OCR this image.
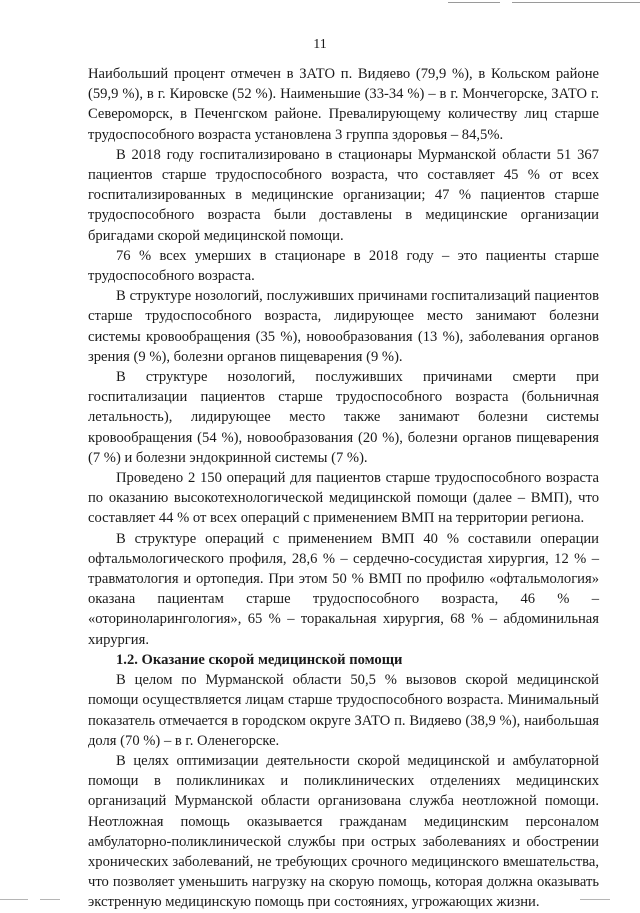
11

Наибольший процент отмечен в ЗАТО п. Видяево (79,9 %), в Кольском районе (59,9 %), в г. Кировске (52 %). Наименьшие (33-34 %) – в г. Мончегорске, ЗАТО г. Североморск, в Печенгском районе. Превалирующему количеству лиц старше трудоспособного возраста установлена 3 группа здоровья – 84,5%.

В 2018 году госпитализировано в стационары Мурманской области 51 367 пациентов старше трудоспособного возраста, что составляет 45 % от всех госпитализированных в медицинские организации; 47 % пациентов старше трудоспособного возраста были доставлены в медицинские организации бригадами скорой медицинской помощи.

76 % всех умерших в стационаре в 2018 году – это пациенты старше трудоспособного возраста.

В структуре нозологий, послуживших причинами госпитализаций пациентов старше трудоспособного возраста, лидирующее место занимают болезни системы кровообращения (35 %), новообразования (13 %), заболевания органов зрения (9 %), болезни органов пищеварения (9 %).

В структуре нозологий, послуживших причинами смерти при госпитализации пациентов старше трудоспособного возраста (больничная летальность), лидирующее место также занимают болезни системы кровообращения (54 %), новообразования (20 %), болезни органов пищеварения (7 %) и болезни эндокринной системы (7 %).

Проведено 2 150 операций для пациентов старше трудоспособного возраста по оказанию высокотехнологической медицинской помощи (далее – ВМП), что составляет 44 % от всех операций с применением ВМП на территории региона.

В структуре операций с применением ВМП 40 % составили операции офтальмологического профиля, 28,6 % – сердечно-сосудистая хирургия, 12 % – травматология и ортопедия. При этом 50 % ВМП по профилю «офтальмология» оказана пациентам старше трудоспособного возраста, 46 % – «оториноларингология», 65 % – торакальная хирургия, 68 % – абдоминильная хирургия.

1.2. Оказание скорой медицинской помощи

В целом по Мурманской области 50,5 % вызовов скорой медицинской помощи осуществляется лицам старше трудоспособного возраста. Минимальный показатель отмечается в городском округе ЗАТО п. Видяево (38,9 %), наибольшая доля (70 %) – в г. Оленегорске.

В целях оптимизации деятельности скорой медицинской и амбулаторной помощи в поликлиниках и поликлинических отделениях медицинских организаций Мурманской области организована служба неотложной помощи. Неотложная помощь оказывается гражданам медицинским персоналом амбулаторно-поликлинической службы при острых заболеваниях и обострении хронических заболеваний, не требующих срочного медицинского вмешательства, что позволяет уменьшить нагрузку на скорую помощь, которая должна оказывать экстренную медицинскую помощь при состояниях, угрожающих жизни.
